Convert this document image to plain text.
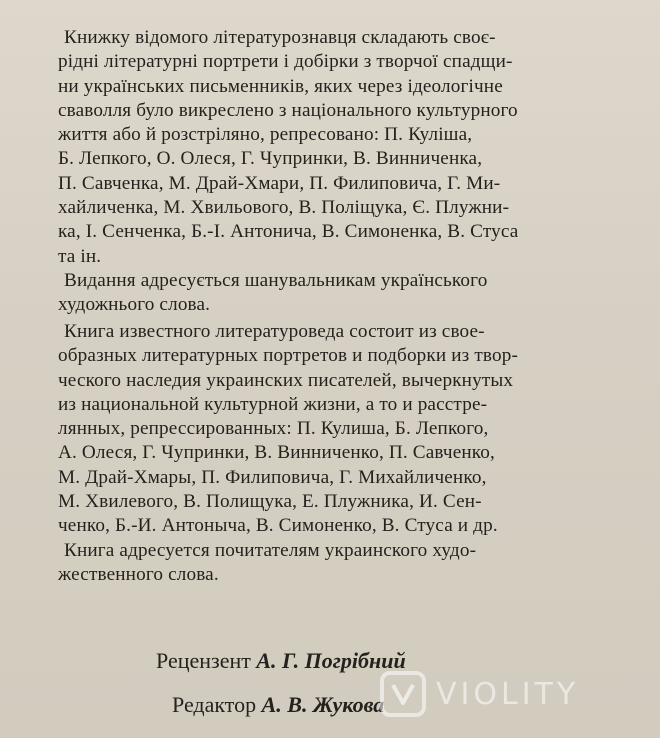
Книжку відомого літературознавця складають своє-
рідні літературні портрети і добірки з творчої спадщи-
ни українських письменників, яких через ідеологічне
сваволля було викреслено з національного культурного
життя або й розстріляно, репресовано: П. Куліша,
Б. Лепкого, О. Олеся, Г. Чупринки, В. Винниченка,
П. Савченка, М. Драй-Хмари, П. Филиповича, Г. Ми-
хайличенка, М. Хвильового, В. Поліщука, Є. Плужни-
ка, І. Сенченка, Б.-І. Антонича, В. Симоненка, В. Стуса
та ін.
Видання адресується шанувальникам українського
художнього слова.
Книга известного литературоведа состоит из свое-
образных литературных портретов и подборки из твор-
ческого наследия украинских писателей, вычеркнутых
из национальной культурной жизни, а то и расстре-
лянных, репрессированных: П. Кулиша, Б. Лепкого,
А. Олеся, Г. Чупринки, В. Винниченко, П. Савченко,
М. Драй-Хмары, П. Филиповича, Г. Михайличенко,
М. Хвилевого, В. Полищука, Е. Плужника, И. Сен-
ченко, Б.-И. Антоныча, В. Симоненко, В. Стуса и др.
Книга адресуется почитателям украинского худо-
жественного слова.
Рецензент А. Г. Погрібний
Редактор А. В. Жукова VIOLITY
